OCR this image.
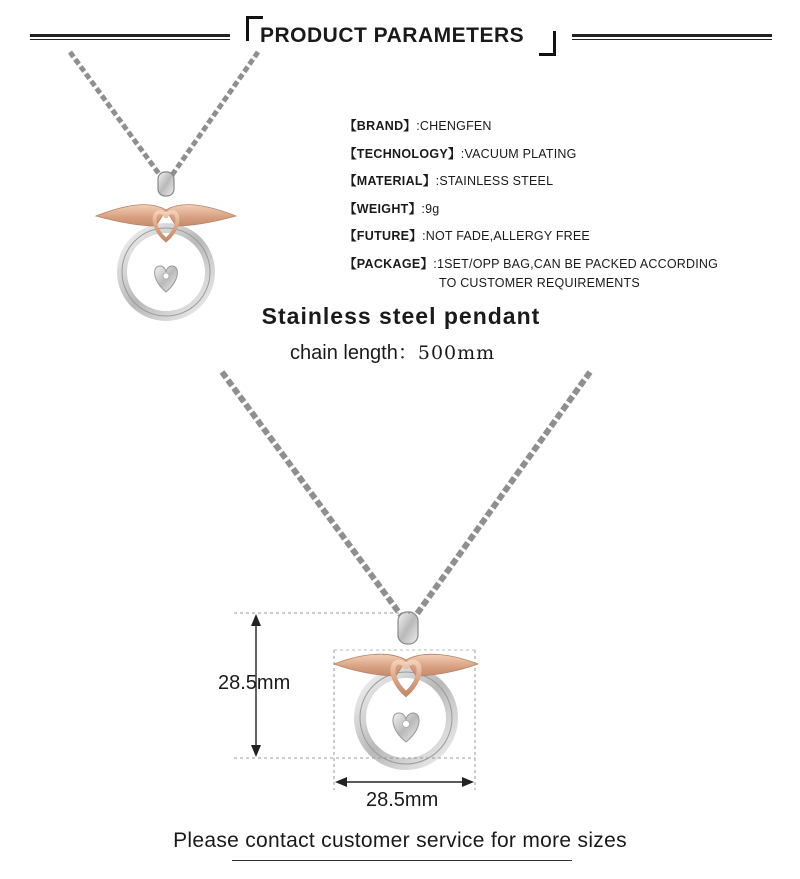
PRODUCT PARAMETERS
【BRAND】 :CHENGFEN
【TECHNOLOGY】 :VACUUM PLATING
【MATERIAL】 :STAINLESS STEEL
【WEIGHT】 :9g
【FUTURE】 :NOT FADE,ALLERGY FREE
【PACKAGE】 :1SET/OPP BAG,CAN BE PACKED ACCORDING
TO CUSTOMER REQUIREMENTS
Stainless steel pendant
chain length：500mm
28.5mm
28.5mm
Please contact customer service for more sizes
